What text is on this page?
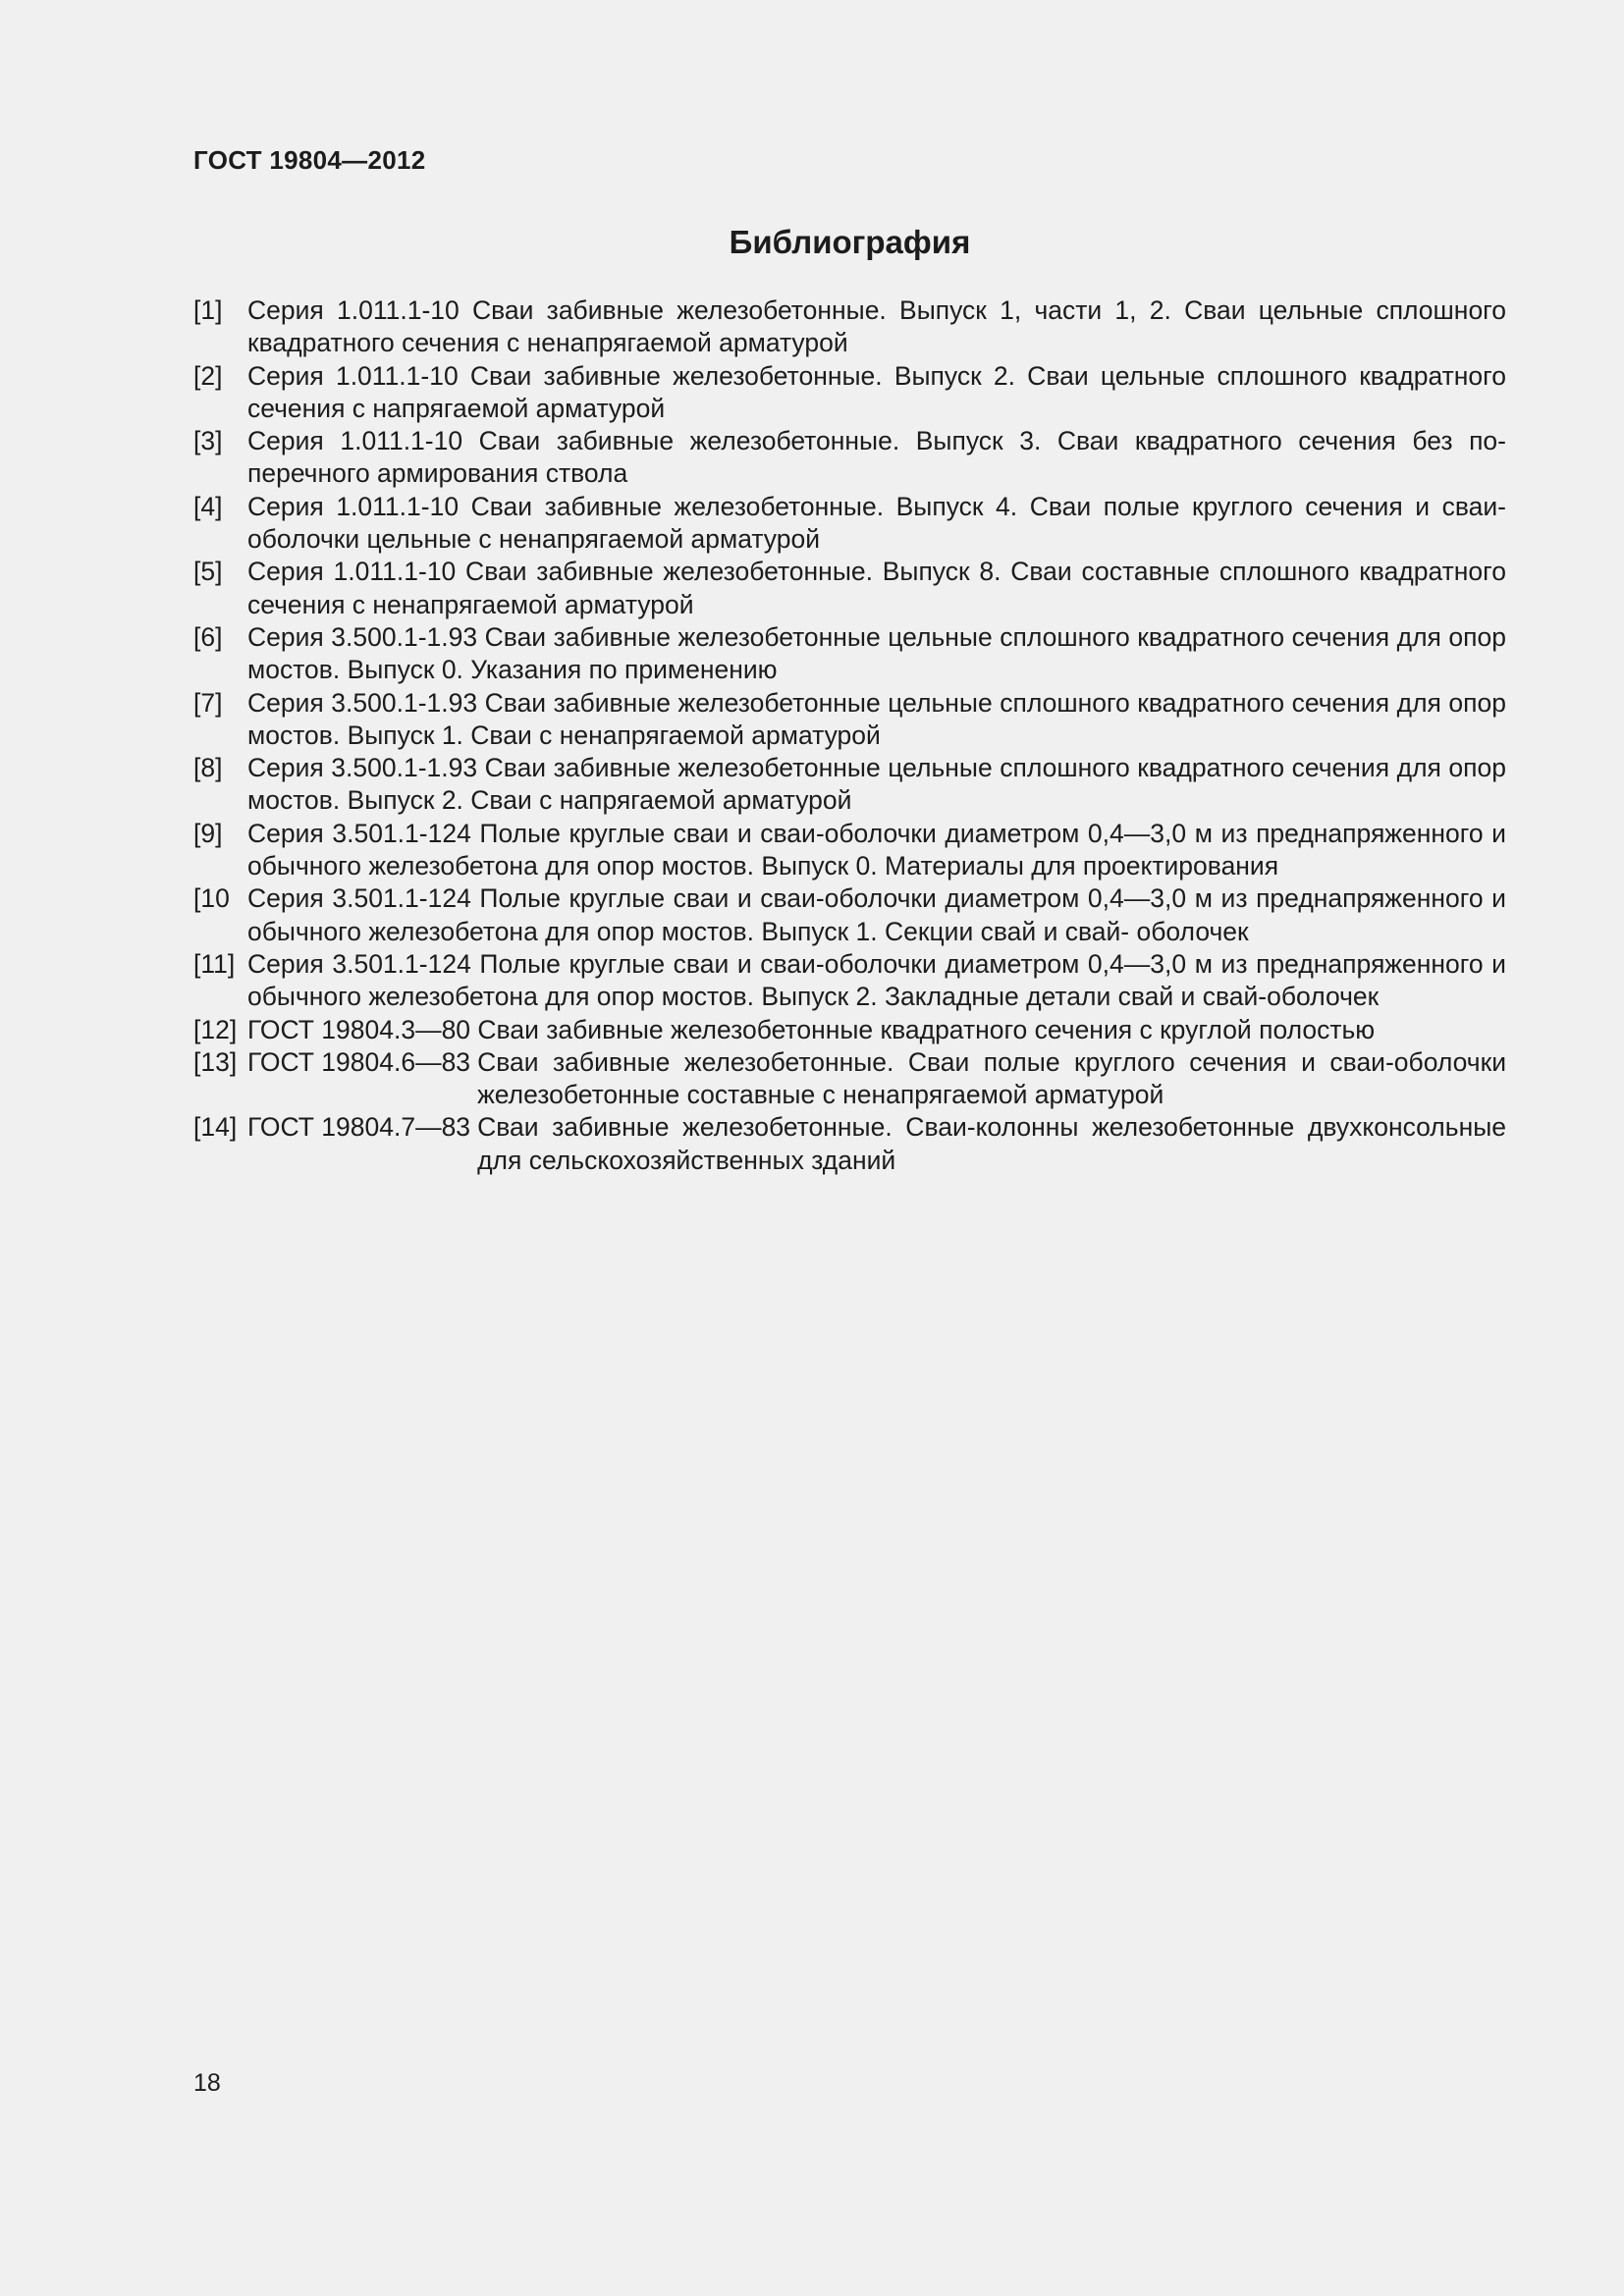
ГОСТ 19804—2012
Библиография
[1] Серия 1.011.1-10 Сваи забивные железобетонные. Выпуск 1, части 1, 2. Сваи цельные сплошного квадратного сечения с ненапрягаемой арматурой
[2] Серия 1.011.1-10 Сваи забивные железобетонные. Выпуск 2. Сваи цельные сплошного квадратного сечения с напрягаемой арматурой
[3] Серия 1.011.1-10 Сваи забивные железобетонные. Выпуск 3. Сваи квадратного сечения без поперечного армирования ствола
[4] Серия 1.011.1-10 Сваи забивные железобетонные. Выпуск 4. Сваи полые круглого сечения и сваи-оболочки цельные с ненапрягаемой арматурой
[5] Серия 1.011.1-10 Сваи забивные железобетонные. Выпуск 8. Сваи составные сплошного квадратного сечения с ненапрягаемой арматурой
[6] Серия 3.500.1-1.93 Сваи забивные железобетонные цельные сплошного квадратного сечения для опор мостов. Выпуск 0. Указания по применению
[7] Серия 3.500.1-1.93 Сваи забивные железобетонные цельные сплошного квадратного сечения для опор мостов. Выпуск 1. Сваи с ненапрягаемой арматурой
[8] Серия 3.500.1-1.93 Сваи забивные железобетонные цельные сплошного квадратного сечения для опор мостов. Выпуск 2. Сваи с напрягаемой арматурой
[9] Серия 3.501.1-124 Полые круглые сваи и сваи-оболочки диаметром 0,4—3,0 м из преднапряженного и обычного железобетона для опор мостов. Выпуск 0. Материалы для проектирования
[10 Серия 3.501.1-124 Полые круглые сваи и сваи-оболочки диаметром 0,4—3,0 м из преднапряженного и обычного железобетона для опор мостов. Выпуск 1. Секции свай и свай- оболочек
[11] Серия 3.501.1-124 Полые круглые сваи и сваи-оболочки диаметром 0,4—3,0 м из преднапряженного и обычного железобетона для опор мостов. Выпуск 2. Закладные детали свай и свай-оболочек
[12] ГОСТ 19804.3—80 Сваи забивные железобетонные квадратного сечения с круглой полостью
[13] ГОСТ 19804.6—83 Сваи забивные железобетонные. Сваи полые круглого сечения и сваи-оболочки железобетонные составные с ненапрягаемой арматурой
[14] ГОСТ 19804.7—83 Сваи забивные железобетонные. Сваи-колонны железобетонные двухконсольные для сельскохозяйственных зданий
18
